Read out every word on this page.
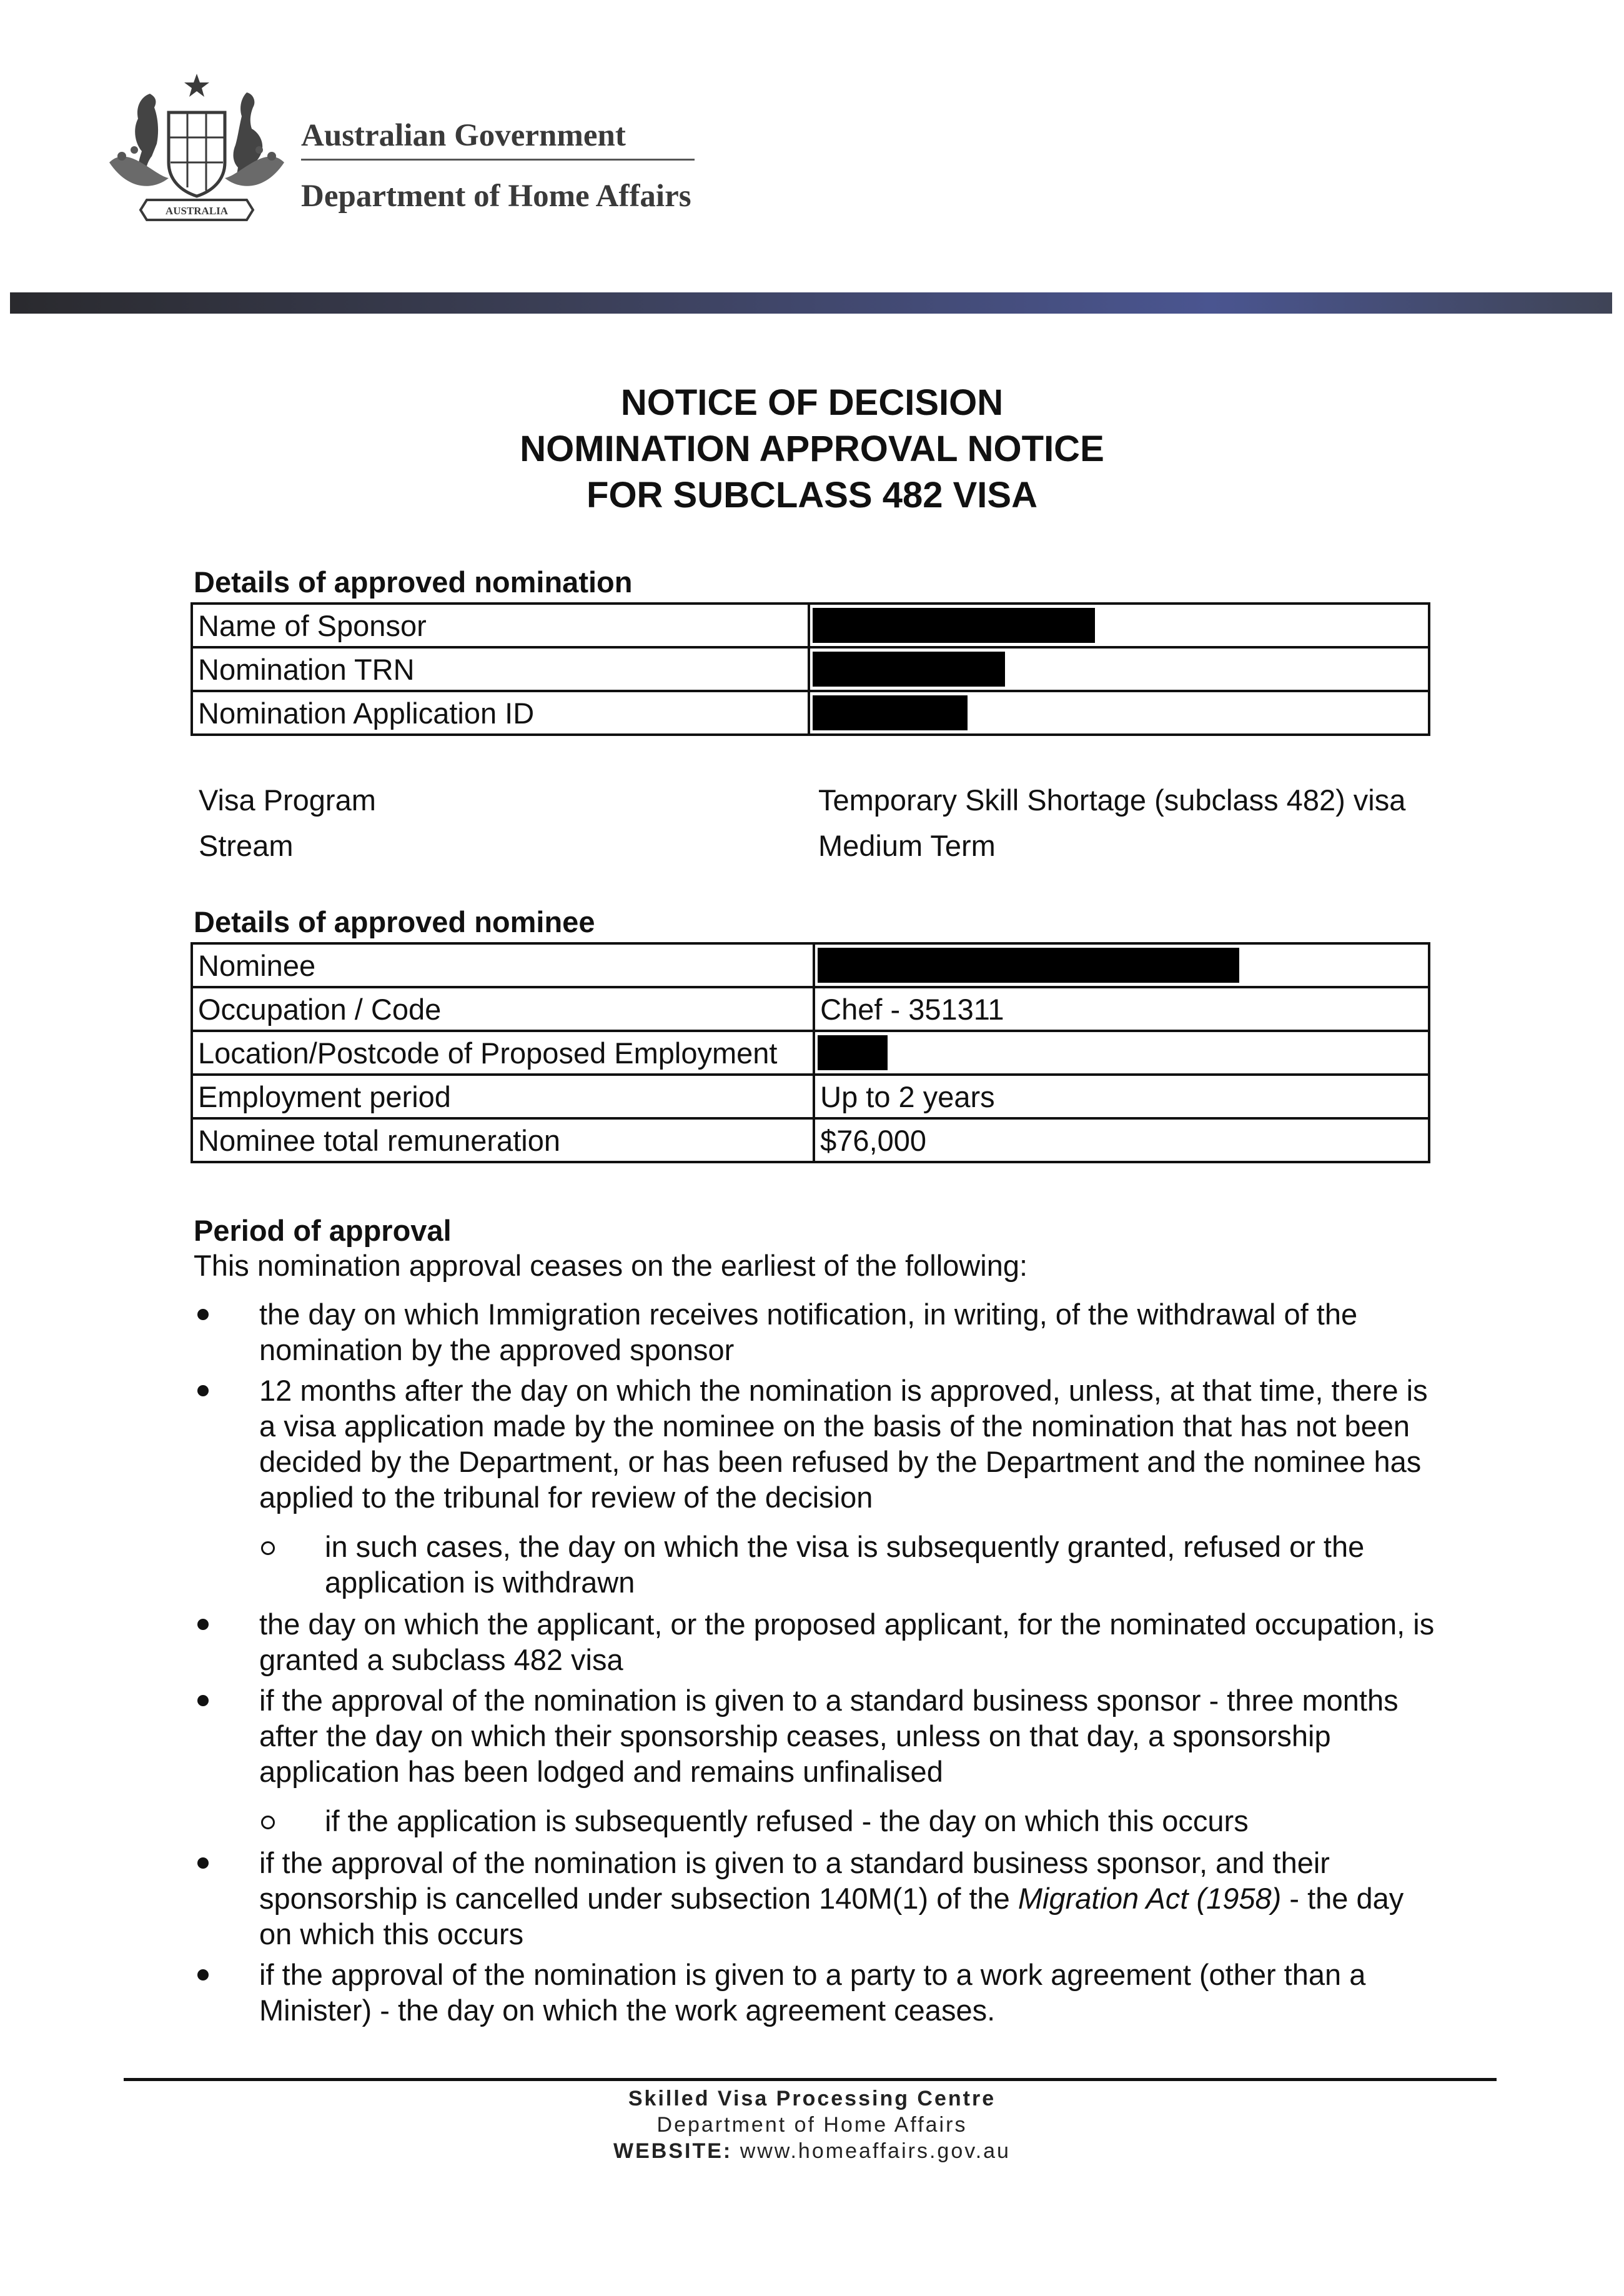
AUSTRALIA
Australian Government
Department of Home Affairs
NOTICE OF DECISION
NOMINATION APPROVAL NOTICE
FOR SUBCLASS 482 VISA
Details of approved nomination
Name of Sponsor	

Nomination TRN	

Nomination Application ID	
Visa Program	Temporary Skill Shortage (subclass 482) visa
Stream	Medium Term
Details of approved nominee
Nominee	

Occupation / Code	Chef - 351311
Location/Postcode of Proposed Employment	

Employment period	Up to 2 years
Nominee total remuneration	$76,000
Period of approval
This nomination approval ceases on the earliest of the following:
the day on which Immigration receives notification, in writing, of the withdrawal of the nomination by the approved sponsor
12 months after the day on which the nomination is approved, unless, at that time, there is a visa application made by the nominee on the basis of the nomination that has not been decided by the Department, or has been refused by the Department and the nominee has applied to the tribunal for review of the decision
in such cases, the day on which the visa is subsequently granted, refused or the application is withdrawn
the day on which the applicant, or the proposed applicant, for the nominated occupation, is granted a subclass 482 visa
if the approval of the nomination is given to a standard business sponsor - three months after the day on which their sponsorship ceases, unless on that day, a sponsorship application has been lodged and remains unfinalised
if the application is subsequently refused - the day on which this occurs
if the approval of the nomination is given to a standard business sponsor, and their sponsorship is cancelled under subsection 140M(1) of the Migration Act (1958) - the day on which this occurs
if the approval of the nomination is given to a party to a work agreement (other than a Minister) - the day on which the work agreement ceases.
Skilled Visa Processing Centre
Department of Home Affairs
WEBSITE: www.homeaffairs.gov.au
